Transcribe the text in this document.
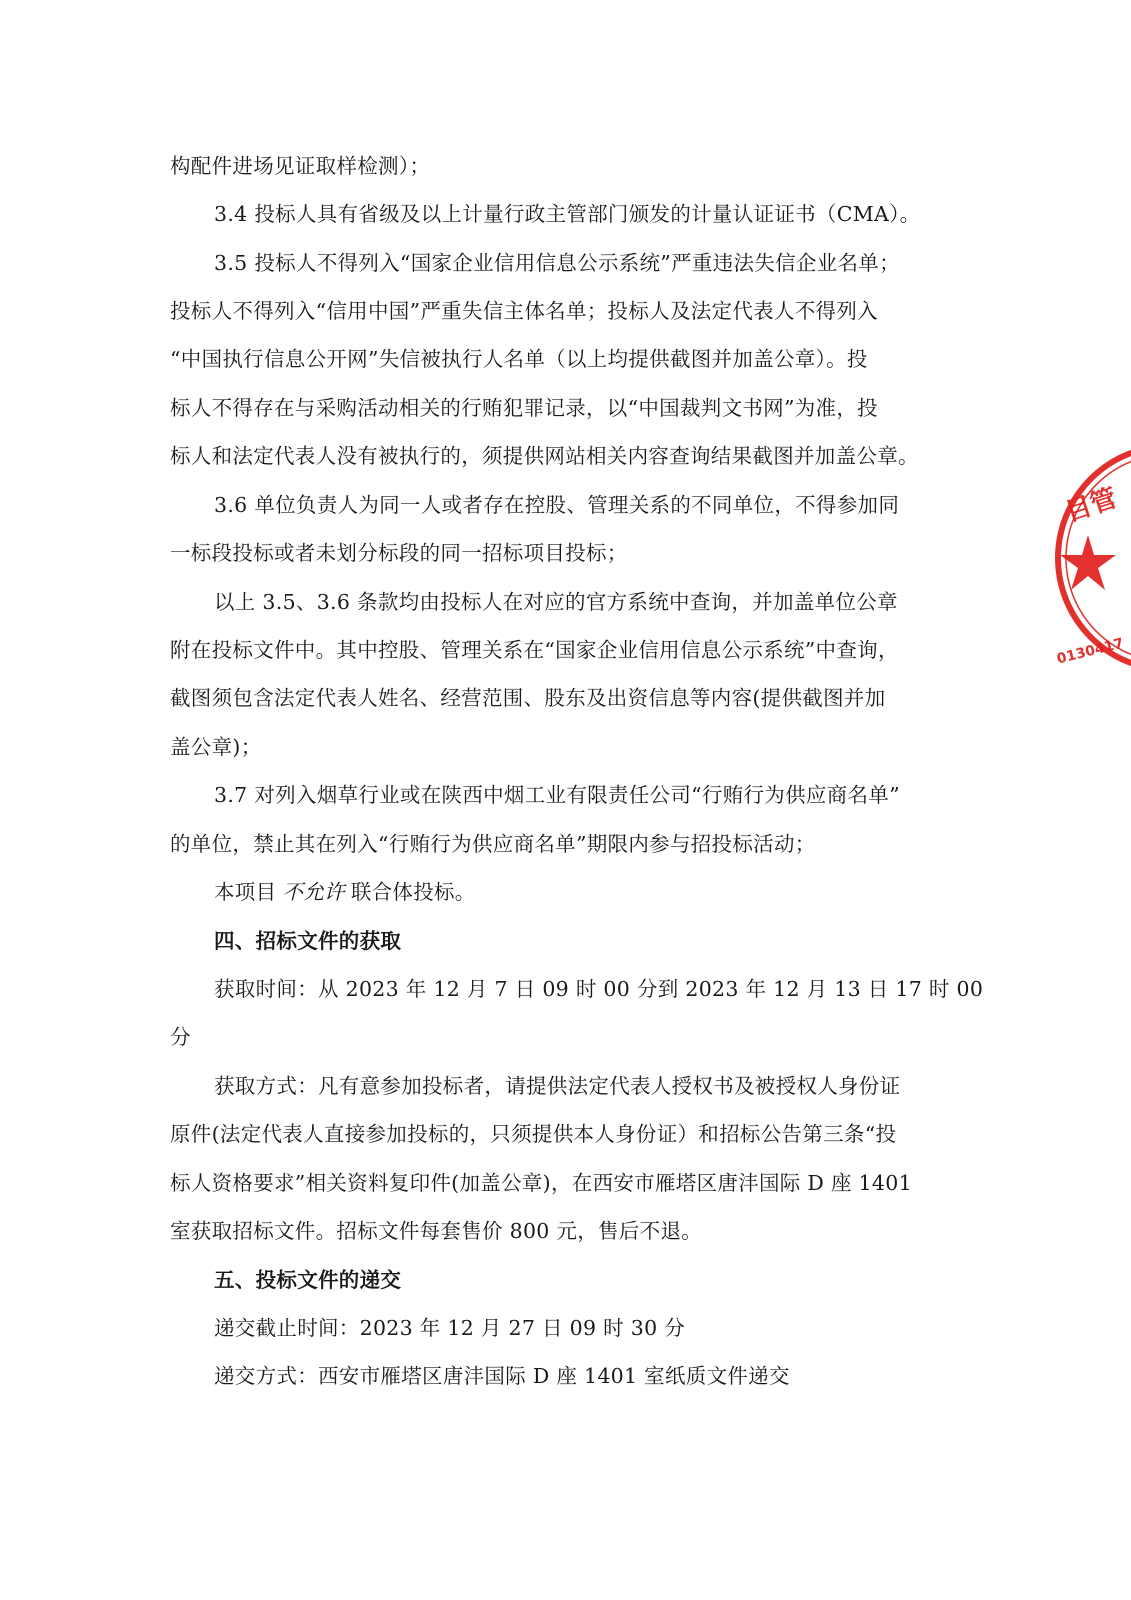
构配件进场见证取样检测）；
3.4 投标人具有省级及以上计量行政主管部门颁发的计量认证证书（CMA）。
3.5 投标人不得列入“国家企业信用信息公示系统”严重违法失信企业名单；
投标人不得列入“信用中国”严重失信主体名单；投标人及法定代表人不得列入
“中国执行信息公开网”失信被执行人名单（以上均提供截图并加盖公章）。投
标人不得存在与采购活动相关的行贿犯罪记录，以“中国裁判文书网”为准，投
标人和法定代表人没有被执行的，须提供网站相关内容查询结果截图并加盖公章。
3.6 单位负责人为同一人或者存在控股、管理关系的不同单位，不得参加同
一标段投标或者未划分标段的同一招标项目投标；
以上 3.5、3.6 条款均由投标人在对应的官方系统中查询，并加盖单位公章
附在投标文件中。其中控股、管理关系在“国家企业信用信息公示系统”中查询，
截图须包含法定代表人姓名、经营范围、股东及出资信息等内容(提供截图并加
盖公章)；
3.7 对列入烟草行业或在陕西中烟工业有限责任公司“行贿行为供应商名单”
的单位，禁止其在列入“行贿行为供应商名单”期限内参与招投标活动；
本项目 不允许 联合体投标。
四、招标文件的获取
获取时间：从 2023 年 12 月 7 日 09 时 00 分到 2023 年 12 月 13 日 17 时 00
分
获取方式：凡有意参加投标者，请提供法定代表人授权书及被授权人身份证
原件(法定代表人直接参加投标的，只须提供本人身份证）和招标公告第三条“投
标人资格要求”相关资料复印件(加盖公章)，在西安市雁塔区唐沣国际 D 座 1401
室获取招标文件。招标文件每套售价 800 元，售后不退。
五、投标文件的递交
递交截止时间：2023 年 12 月 27 日 09 时 30 分
递交方式：西安市雁塔区唐沣国际 D 座 1401 室纸质文件递交
目管
0130417
